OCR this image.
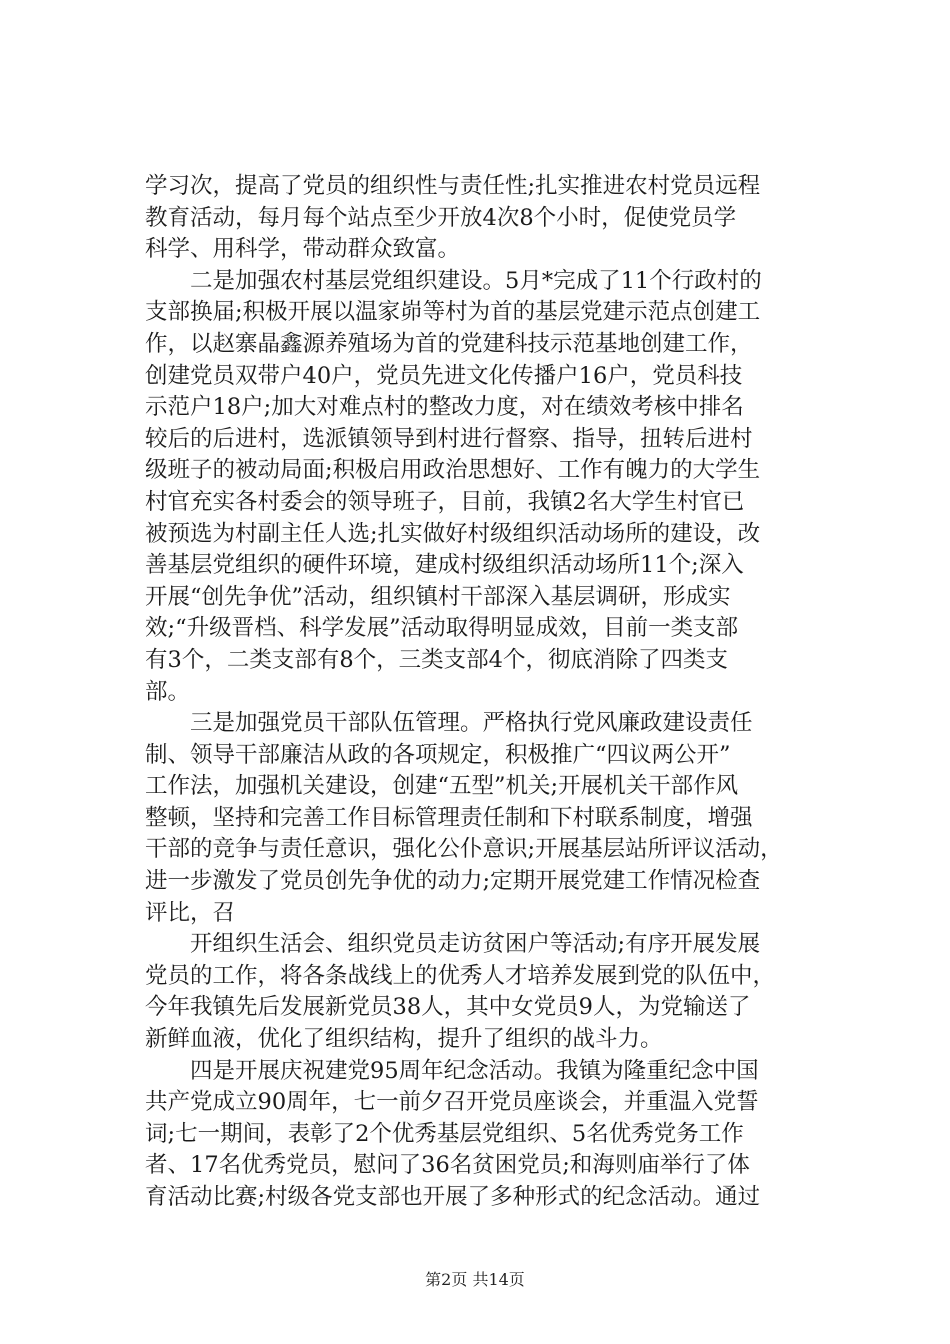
学习次，提高了党员的组织性与责任性;扎实推进农村党员远程
教育活动，每月每个站点至少开放4次8个小时，促使党员学
科学、用科学，带动群众致富。
二是加强农村基层党组织建设。5月*完成了11个行政村的
支部换届;积极开展以温家峁等村为首的基层党建示范点创建工
作，以赵寨晶鑫源养殖场为首的党建科技示范基地创建工作，
创建党员双带户40户，党员先进文化传播户16户，党员科技
示范户18户;加大对难点村的整改力度，对在绩效考核中排名
较后的后进村，选派镇领导到村进行督察、指导，扭转后进村
级班子的被动局面;积极启用政治思想好、工作有魄力的大学生
村官充实各村委会的领导班子，目前，我镇2名大学生村官已
被预选为村副主任人选;扎实做好村级组织活动场所的建设，改
善基层党组织的硬件环境，建成村级组织活动场所11个;深入
开展“创先争优”活动，组织镇村干部深入基层调研，形成实
效;“升级晋档、科学发展”活动取得明显成效，目前一类支部
有3个，二类支部有8个，三类支部4个，彻底消除了四类支
部。
三是加强党员干部队伍管理。严格执行党风廉政建设责任
制、领导干部廉洁从政的各项规定，积极推广“四议两公开”
工作法，加强机关建设，创建“五型”机关;开展机关干部作风
整顿，坚持和完善工作目标管理责任制和下村联系制度，增强
干部的竞争与责任意识，强化公仆意识;开展基层站所评议活动，
进一步激发了党员创先争优的动力;定期开展党建工作情况检查
评比，召
开组织生活会、组织党员走访贫困户等活动;有序开展发展
党员的工作，将各条战线上的优秀人才培养发展到党的队伍中，
今年我镇先后发展新党员38人，其中女党员9人，为党输送了
新鲜血液，优化了组织结构，提升了组织的战斗力。
四是开展庆祝建党95周年纪念活动。我镇为隆重纪念中国
共产党成立90周年，七一前夕召开党员座谈会，并重温入党誓
词;七一期间，表彰了2个优秀基层党组织、5名优秀党务工作
者、17名优秀党员，慰问了36名贫困党员;和海则庙举行了体
育活动比赛;村级各党支部也开展了多种形式的纪念活动。通过
第2页 共14页
